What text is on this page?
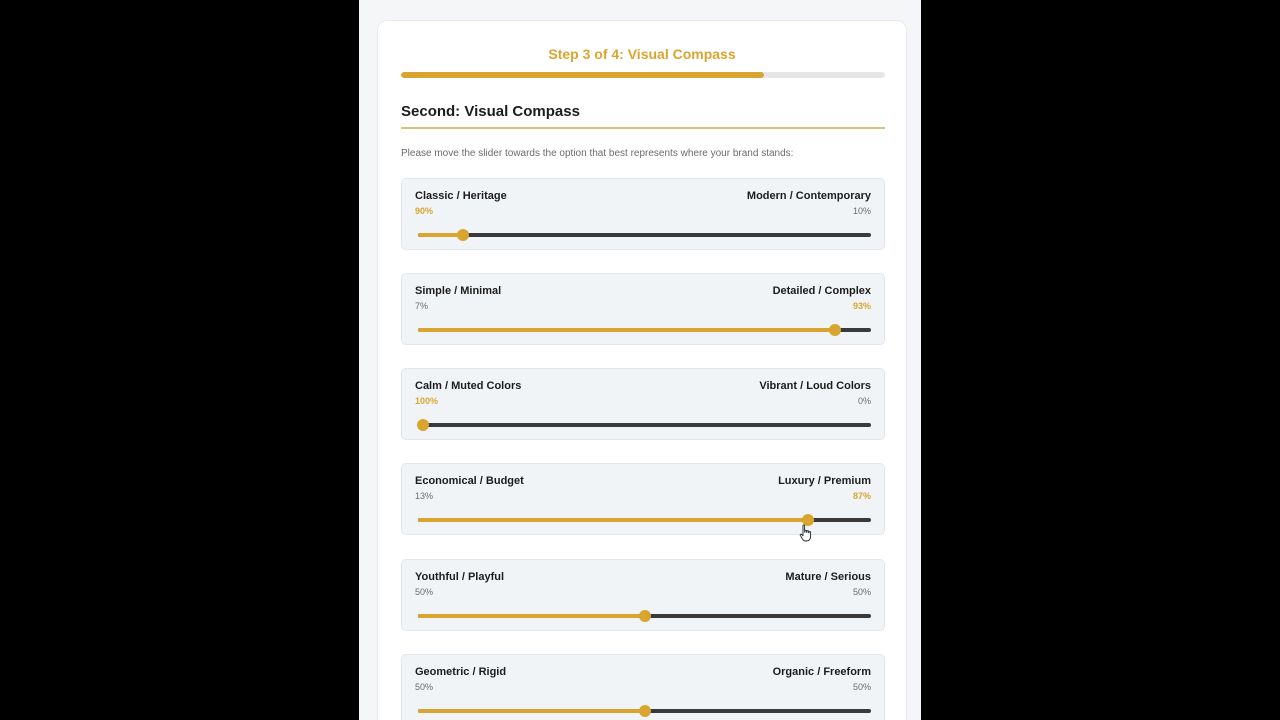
Step 3 of 4: Visual Compass
Second: Visual Compass
Please move the slider towards the option that best represents where your brand stands:
Classic / Heritage	Modern / Contemporary
90%	10%
Simple / Minimal	Detailed / Complex
7%	93%
Calm / Muted Colors	Vibrant / Loud Colors
100%	0%
Economical / Budget	Luxury / Premium
13%	87%
Youthful / Playful	Mature / Serious
50%	50%
Geometric / Rigid	Organic / Freeform
50%	50%
